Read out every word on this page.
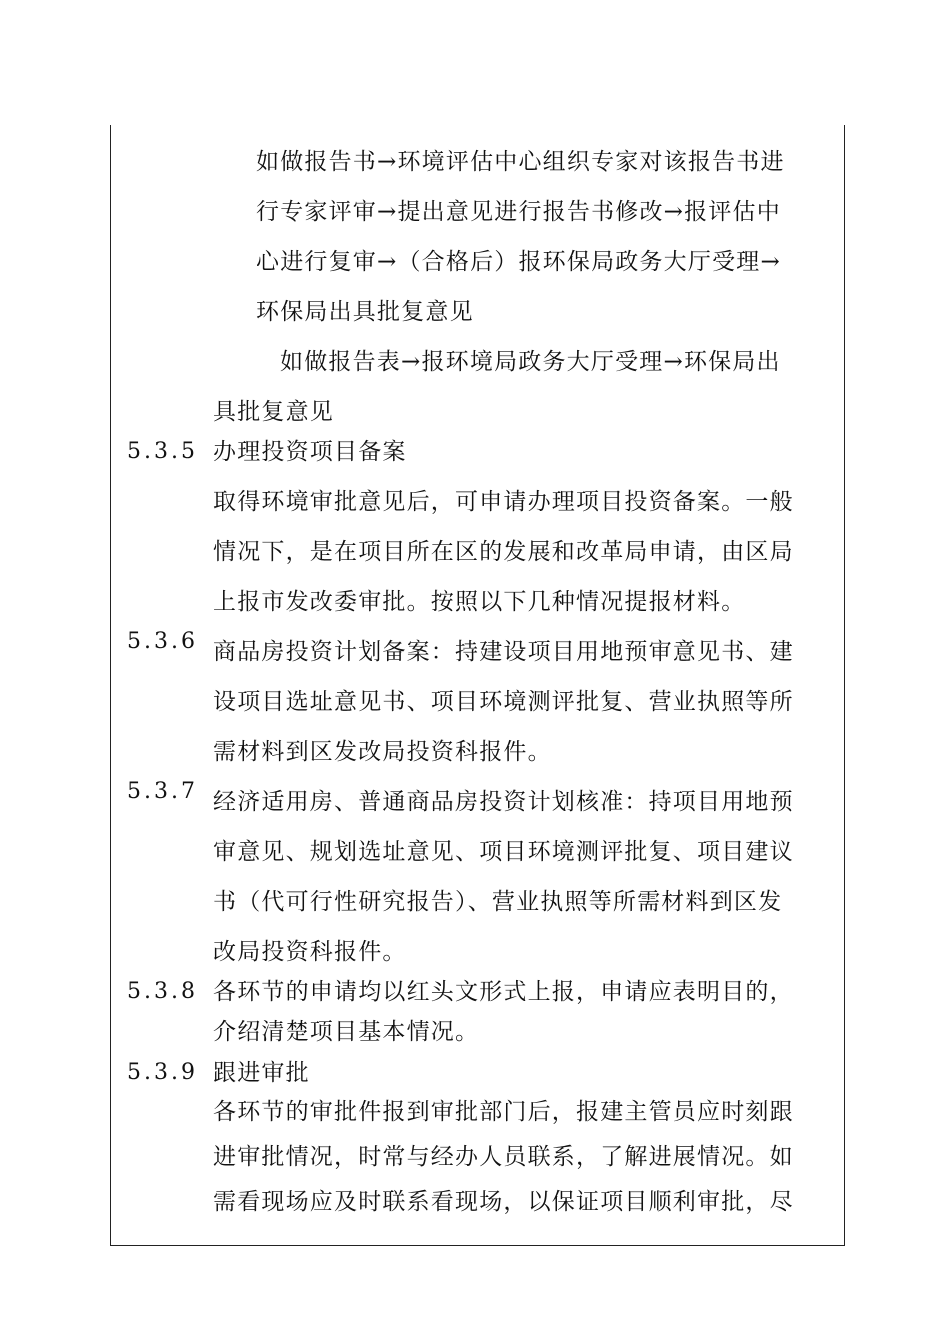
如做报告书→环境评估中心组织专家对该报告书进
行专家评审→提出意见进行报告书修改→报评估中
心进行复审→（合格后）报环保局政务大厅受理→
环保局出具批复意见
如做报告表→报环境局政务大厅受理→环保局出
具批复意见
5.3.5 办理投资项目备案
取得环境审批意见后，可申请办理项目投资备案。一般
情况下，是在项目所在区的发展和改革局申请，由区局
上报市发改委审批。按照以下几种情况提报材料。
5.3.6 商品房投资计划备案：持建设项目用地预审意见书、建
设项目选址意见书、项目环境测评批复、营业执照等所
需材料到区发改局投资科报件。
5.3.7 经济适用房、普通商品房投资计划核准：持项目用地预
审意见、规划选址意见、项目环境测评批复、项目建议
书（代可行性研究报告）、营业执照等所需材料到区发
改局投资科报件。
5.3.8 各环节的申请均以红头文形式上报，申请应表明目的，
介绍清楚项目基本情况。
5.3.9 跟进审批
各环节的审批件报到审批部门后，报建主管员应时刻跟
进审批情况，时常与经办人员联系，了解进展情况。如
需看现场应及时联系看现场，以保证项目顺利审批，尽
